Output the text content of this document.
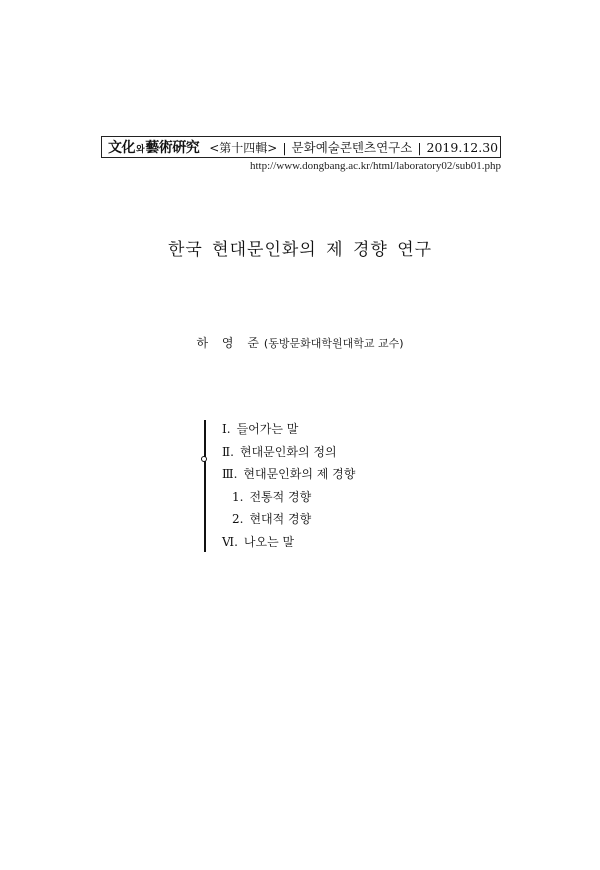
文化 와 藝術硏究 <第十四輯> | 문화예술콘텐츠연구소 | 2019.12.30
http://www.dongbang.ac.kr/html/laboratory02/sub01.php
한국 현대문인화의 제 경향 연구
하 영 준(동방문화대학원대학교 교수)
Ⅰ. 들어가는 말
Ⅱ. 현대문인화의 정의
Ⅲ. 현대문인화의 제 경향
1. 전통적 경향
2. 현대적 경향
Ⅵ. 나오는 말
